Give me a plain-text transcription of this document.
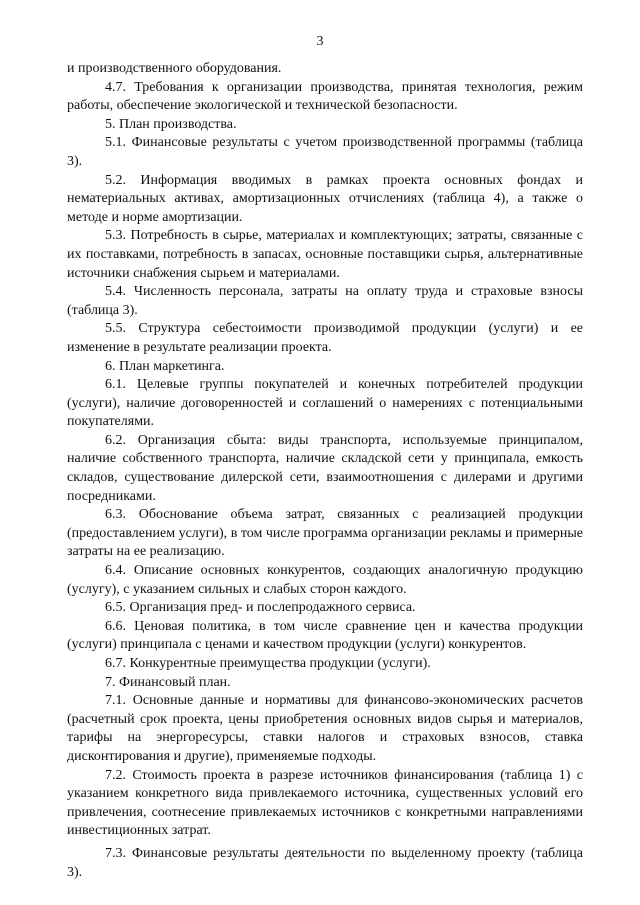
3

и производственного оборудования.

4.7. Требования к организации производства, принятая технология, режим работы, обеспечение экологической и технической безопасности.

5. План производства.

5.1. Финансовые результаты с учетом производственной программы (таблица 3).

5.2. Информация вводимых в рамках проекта основных фондах и нематериальных активах, амортизационных отчислениях (таблица 4), а также о методе и норме амортизации.

5.3. Потребность в сырье, материалах и комплектующих; затраты, связанные с их поставками, потребность в запасах, основные поставщики сырья, альтернативные источники снабжения сырьем и материалами.

5.4. Численность персонала, затраты на оплату труда и страховые взносы (таблица 3).

5.5. Структура себестоимости производимой продукции (услуги) и ее изменение в результате реализации проекта.

6. План маркетинга.

6.1. Целевые группы покупателей и конечных потребителей продукции (услуги), наличие договоренностей и соглашений о намерениях с потенциальными покупателями.

6.2. Организация сбыта: виды транспорта, используемые принципалом, наличие собственного транспорта, наличие складской сети у принципала, емкость складов, существование дилерской сети, взаимоотношения с дилерами и другими посредниками.

6.3. Обоснование объема затрат, связанных с реализацией продукции (предоставлением услуги), в том числе программа организации рекламы и примерные затраты на ее реализацию.

6.4. Описание основных конкурентов, создающих аналогичную продукцию (услугу), с указанием сильных и слабых сторон каждого.

6.5. Организация пред- и послепродажного сервиса.

6.6. Ценовая политика, в том числе сравнение цен и качества продукции (услуги) принципала с ценами и качеством продукции (услуги) конкурентов.

6.7. Конкурентные преимущества продукции (услуги).

7. Финансовый план.

7.1. Основные данные и нормативы для финансово-экономических расчетов (расчетный срок проекта, цены приобретения основных видов сырья и материалов, тарифы на энергоресурсы, ставки налогов и страховых взносов, ставка дисконтирования и другие), применяемые подходы.

7.2. Стоимость проекта в разрезе источников финансирования (таблица 1) с указанием конкретного вида привлекаемого источника, существенных условий его привлечения, соотнесение привлекаемых источников с конкретными направлениями инвестиционных затрат.

7.3. Финансовые результаты деятельности по выделенному проекту (таблица 3).
